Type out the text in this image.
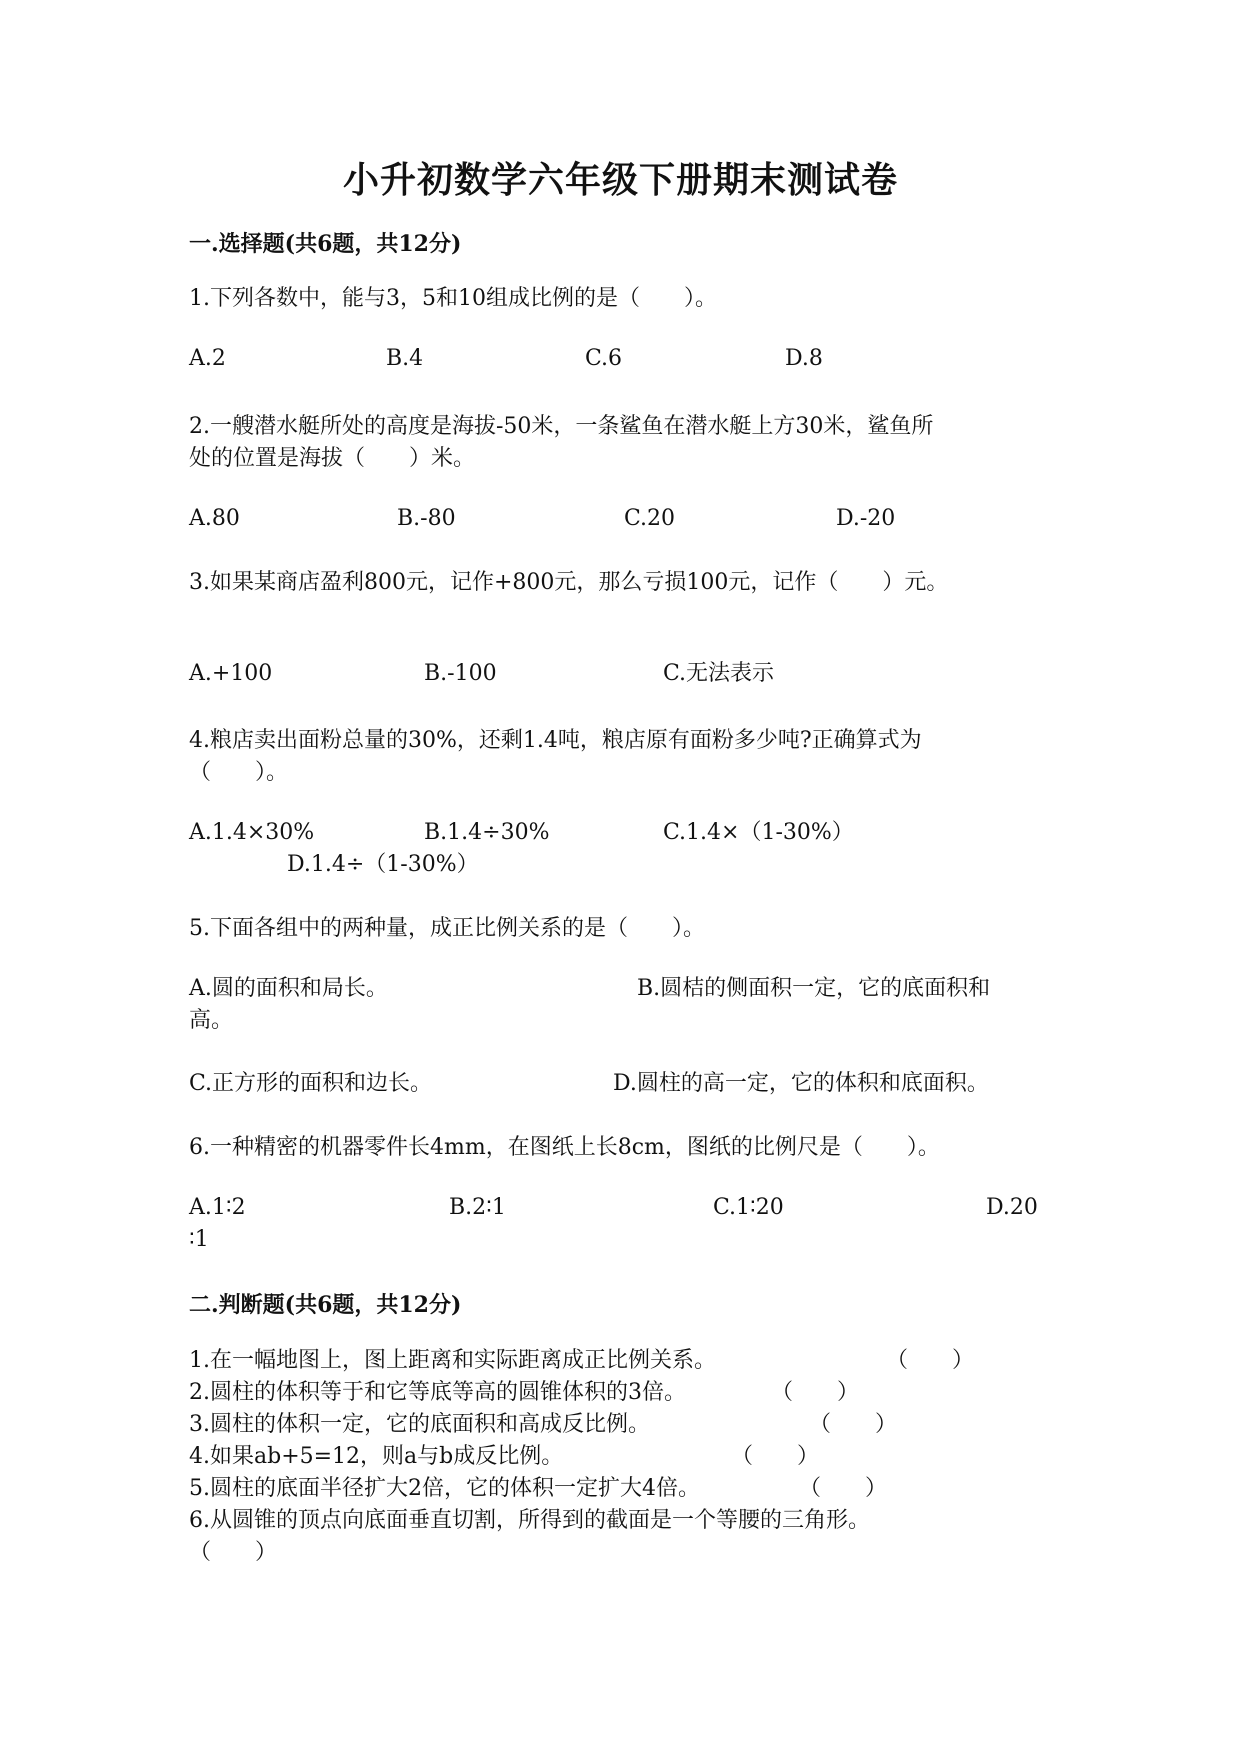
小升初数学六年级下册期末测试卷
一.选择题(共6题，共12分)
1.下列各数中，能与3，5和10组成比例的是（　　）。
A.2	B.4	C.6	D.8
2.一艘潜水艇所处的高度是海拔-50米，一条鲨鱼在潜水艇上方30米，鲨鱼所
处的位置是海拔（　　）米。
A.80	B.-80	C.20	D.-20
3.如果某商店盈利800元，记作+800元，那么亏损100元，记作（　　）元。
A.+100	B.-100	C.无法表示
4.粮店卖出面粉总量的30%，还剩1.4吨，粮店原有面粉多少吨?正确算式为
（　　）。
A.1.4×30%	B.1.4÷30%	C.1.4×（1-30%）
D.1.4÷（1-30%）
5.下面各组中的两种量，成正比例关系的是（　　）。
A.圆的面积和局长。	B.圆桔的侧面积一定，它的底面积和
高。
C.正方形的面积和边长。	D.圆柱的高一定，它的体积和底面积。
6.一种精密的机器零件长4mm，在图纸上长8cm，图纸的比例尺是（　　）。
A.1∶2	B.2∶1	C.1∶20	D.20
∶1
二.判断题(共6题，共12分)
1.在一幅地图上，图上距离和实际距离成正比例关系。	（　　）
2.圆柱的体积等于和它等底等高的圆锥体积的3倍。	（　　）
3.圆柱的体积一定，它的底面积和高成反比例。	（　　）
4.如果ab+5=12，则a与b成反比例。	（　　）
5.圆柱的底面半径扩大2倍，它的体积一定扩大4倍。	（　　）
6.从圆锥的顶点向底面垂直切割，所得到的截面是一个等腰的三角形。
（　　）
